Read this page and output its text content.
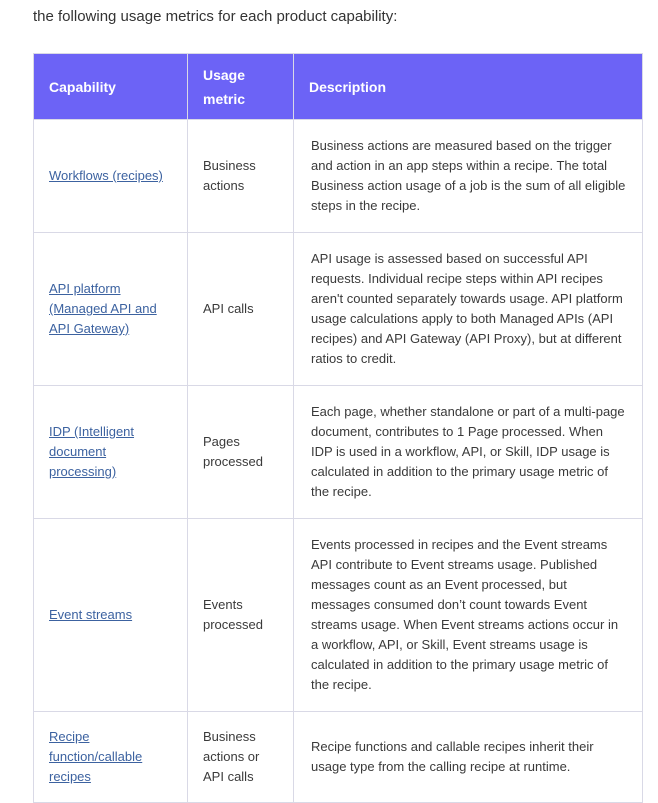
the following usage metrics for each product capability:
Capability	Usage metric	Description
Workflows (recipes)	Business actions	Business actions are measured based on the trigger and action in an app steps within a recipe. The total Business action usage of a job is the sum of all eligible steps in the recipe.
API platform (Managed API and API Gateway)	API calls	API usage is assessed based on successful API requests. Individual recipe steps within API recipes aren't counted separately towards usage. API platform usage calculations apply to both Managed APIs (API recipes) and API Gateway (API Proxy), but at different ratios to credit.
IDP (Intelligent document processing)	Pages processed	Each page, whether standalone or part of a multi-page document, contributes to 1 Page processed. When IDP is used in a workflow, API, or Skill, IDP usage is calculated in addition to the primary usage metric of the recipe.
Event streams	Events processed	Events processed in recipes and the Event streams API contribute to Event streams usage. Published messages count as an Event processed, but messages consumed don’t count towards Event streams usage. When Event streams actions occur in a workflow, API, or Skill, Event streams usage is calculated in addition to the primary usage metric of the recipe.
Recipe function/callable recipes	Business actions or API calls	Recipe functions and callable recipes inherit their usage type from the calling recipe at runtime.
